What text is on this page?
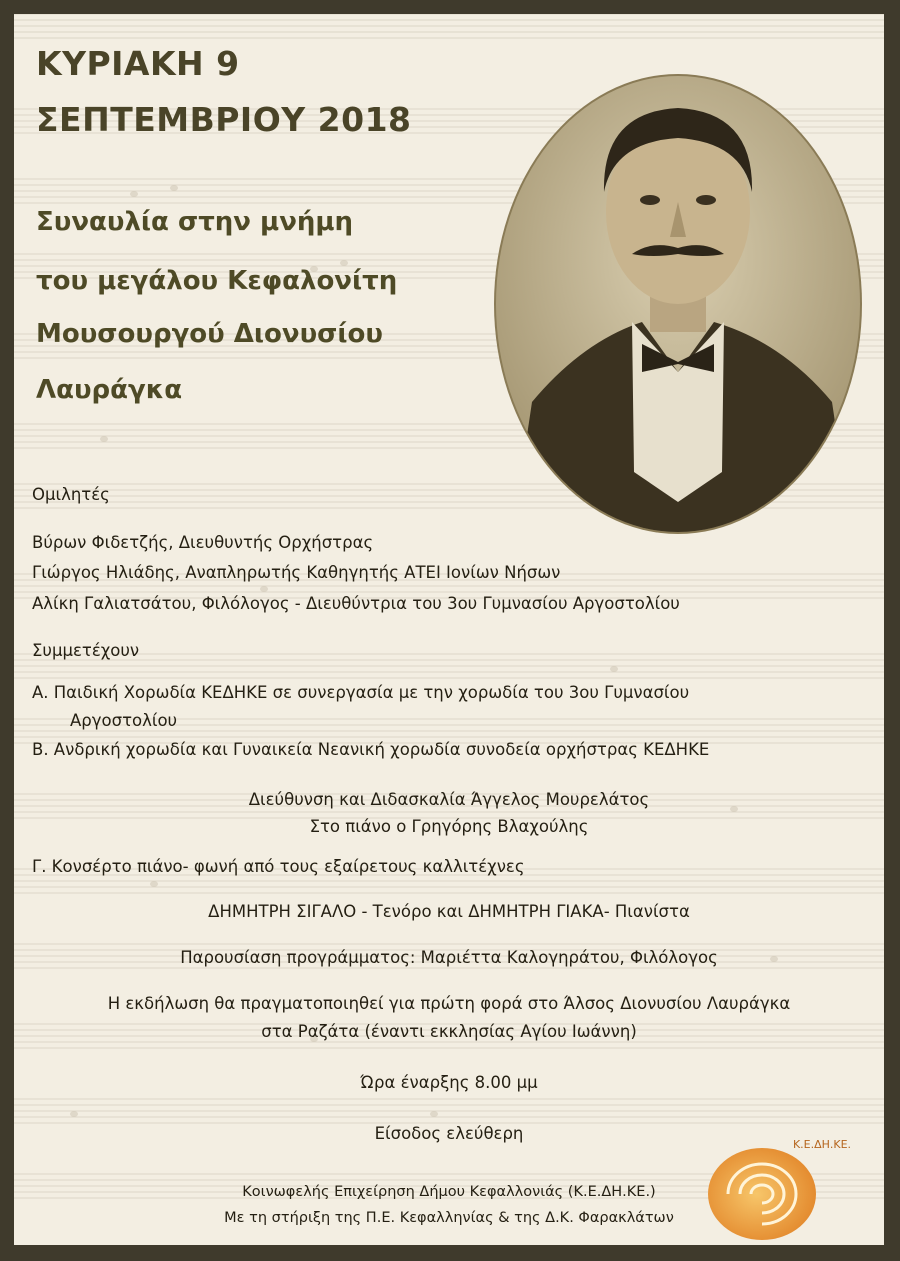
ΚΥΡΙΑΚΗ 9

ΣΕΠΤΕΜΒΡΙΟΥ 2018

Συναυλία στην μνήμη

του μεγάλου Κεφαλονίτη

Μουσουργού Διονυσίου

Λαυράγκα

Ομιλητές

Βύρων Φιδετζής, Διευθυντής Ορχήστρας

Γιώργος Ηλιάδης, Αναπληρωτής Καθηγητής ΑΤΕΙ Ιονίων Νήσων

Αλίκη Γαλιατσάτου, Φιλόλογος - Διευθύντρια του 3ου Γυμνασίου Αργοστολίου

Συμμετέχουν

Α. Παιδική Χορωδία ΚΕΔΗΚΕ σε συνεργασία με την χορωδία του 3ου Γυμνασίου

Αργοστολίου

Β. Ανδρική χορωδία και Γυναικεία Νεανική χορωδία συνοδεία ορχήστρας ΚΕΔΗΚΕ

Διεύθυνση και Διδασκαλία Άγγελος Μουρελάτος

Στο πιάνο ο Γρηγόρης Βλαχούλης

Γ. Κονσέρτο πιάνο- φωνή από τους εξαίρετους καλλιτέχνες

ΔΗΜΗΤΡΗ ΣΙΓΑΛΟ - Τενόρο και ΔΗΜΗΤΡΗ ΓΙΑΚΑ- Πιανίστα

Παρουσίαση προγράμματος: Μαριέττα Καλογηράτου, Φιλόλογος

Η εκδήλωση θα πραγματοποιηθεί για πρώτη φορά στο Άλσος Διονυσίου Λαυράγκα

στα Ραζάτα (έναντι εκκλησίας Αγίου Ιωάννη)

Ώρα έναρξης 8.00 μμ

Είσοδος ελεύθερη

Κοινωφελής Επιχείρηση Δήμου Κεφαλλονιάς (Κ.Ε.ΔΗ.ΚΕ.)

Με τη στήριξη της Π.Ε. Κεφαλληνίας & της Δ.Κ. Φαρακλάτων

Κ.Ε.ΔΗ.ΚΕ.
